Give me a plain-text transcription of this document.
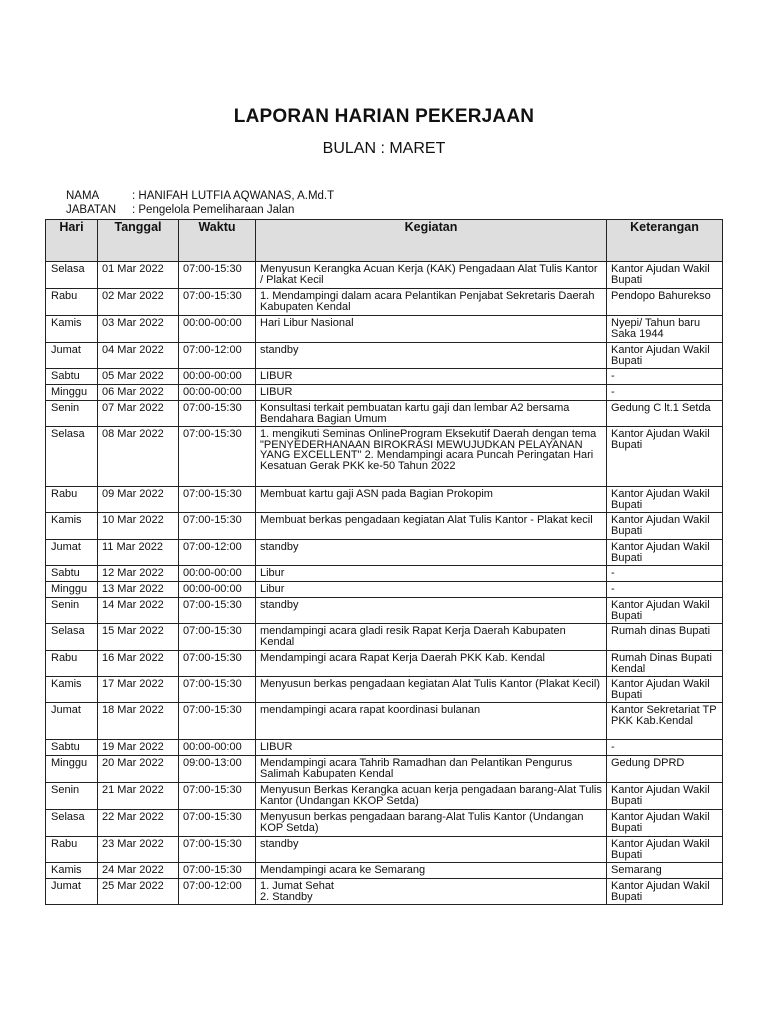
LAPORAN HARIAN PEKERJAAN
BULAN : MARET
NAMA	: HANIFAH LUTFIA AQWANAS, A.Md.T
JABATAN : Pengelola Pemeliharaan Jalan
Hari	Tanggal	Waktu	Kegiatan	Keterangan
Selasa	01 Mar 2022	07:00-15:30	Menyusun Kerangka Acuan Kerja (KAK) Pengadaan Alat Tulis Kantor / Plakat Kecil	Kantor Ajudan Wakil Bupati
Rabu	02 Mar 2022	07:00-15:30	1. Mendampingi dalam acara Pelantikan Penjabat Sekretaris Daerah Kabupaten Kendal	Pendopo Bahurekso
Kamis	03 Mar 2022	00:00-00:00	Hari Libur Nasional	Nyepi/ Tahun baru Saka 1944
Jumat	04 Mar 2022	07:00-12:00	standby	Kantor Ajudan Wakil Bupati
Sabtu	05 Mar 2022	00:00-00:00	LIBUR	-
Minggu	06 Mar 2022	00:00-00:00	LIBUR	-
Senin	07 Mar 2022	07:00-15:30	Konsultasi terkait pembuatan kartu gaji dan lembar A2 bersama Bendahara Bagian Umum	Gedung C lt.1 Setda
Selasa	08 Mar 2022	07:00-15:30	1. mengikuti Seminas OnlineProgram Eksekutif Daerah dengan tema "PENYEDERHANAAN BIROKRASI MEWUJUDKAN PELAYANAN YANG EXCELLENT" 2. Mendampingi acara Puncah Peringatan Hari Kesatuan Gerak PKK ke-50 Tahun 2022	Kantor Ajudan Wakil Bupati
Rabu	09 Mar 2022	07:00-15:30	Membuat kartu gaji ASN pada Bagian Prokopim	Kantor Ajudan Wakil Bupati
Kamis	10 Mar 2022	07:00-15:30	Membuat berkas pengadaan kegiatan Alat Tulis Kantor - Plakat kecil	Kantor Ajudan Wakil Bupati
Jumat	11 Mar 2022	07:00-12:00	standby	Kantor Ajudan Wakil Bupati
Sabtu	12 Mar 2022	00:00-00:00	Libur	-
Minggu	13 Mar 2022	00:00-00:00	Libur	-
Senin	14 Mar 2022	07:00-15:30	standby	Kantor Ajudan Wakil Bupati
Selasa	15 Mar 2022	07:00-15:30	mendampingi acara gladi resik Rapat Kerja Daerah Kabupaten Kendal	Rumah dinas Bupati
Rabu	16 Mar 2022	07:00-15:30	Mendampingi acara Rapat Kerja Daerah PKK Kab. Kendal	Rumah Dinas Bupati Kendal
Kamis	17 Mar 2022	07:00-15:30	Menyusun berkas pengadaan kegiatan Alat Tulis Kantor (Plakat Kecil)	Kantor Ajudan Wakil Bupati
Jumat	18 Mar 2022	07:00-15:30	mendampingi acara rapat koordinasi bulanan	Kantor Sekretariat TP PKK Kab.Kendal
Sabtu	19 Mar 2022	00:00-00:00	LIBUR	-
Minggu	20 Mar 2022	09:00-13:00	Mendampingi acara Tahrib Ramadhan dan Pelantikan Pengurus Salimah Kabupaten Kendal	Gedung DPRD
Senin	21 Mar 2022	07:00-15:30	Menyusun Berkas Kerangka acuan kerja pengadaan barang-Alat Tulis Kantor (Undangan KKOP Setda)	Kantor Ajudan Wakil Bupati
Selasa	22 Mar 2022	07:00-15:30	Menyusun berkas pengadaan barang-Alat Tulis Kantor (Undangan KOP Setda)	Kantor Ajudan Wakil Bupati
Rabu	23 Mar 2022	07:00-15:30	standby	Kantor Ajudan Wakil Bupati
Kamis	24 Mar 2022	07:00-15:30	Mendampingi acara ke Semarang	Semarang
Jumat	25 Mar 2022	07:00-12:00	1. Jumat Sehat
2. Standby	Kantor Ajudan Wakil Bupati
